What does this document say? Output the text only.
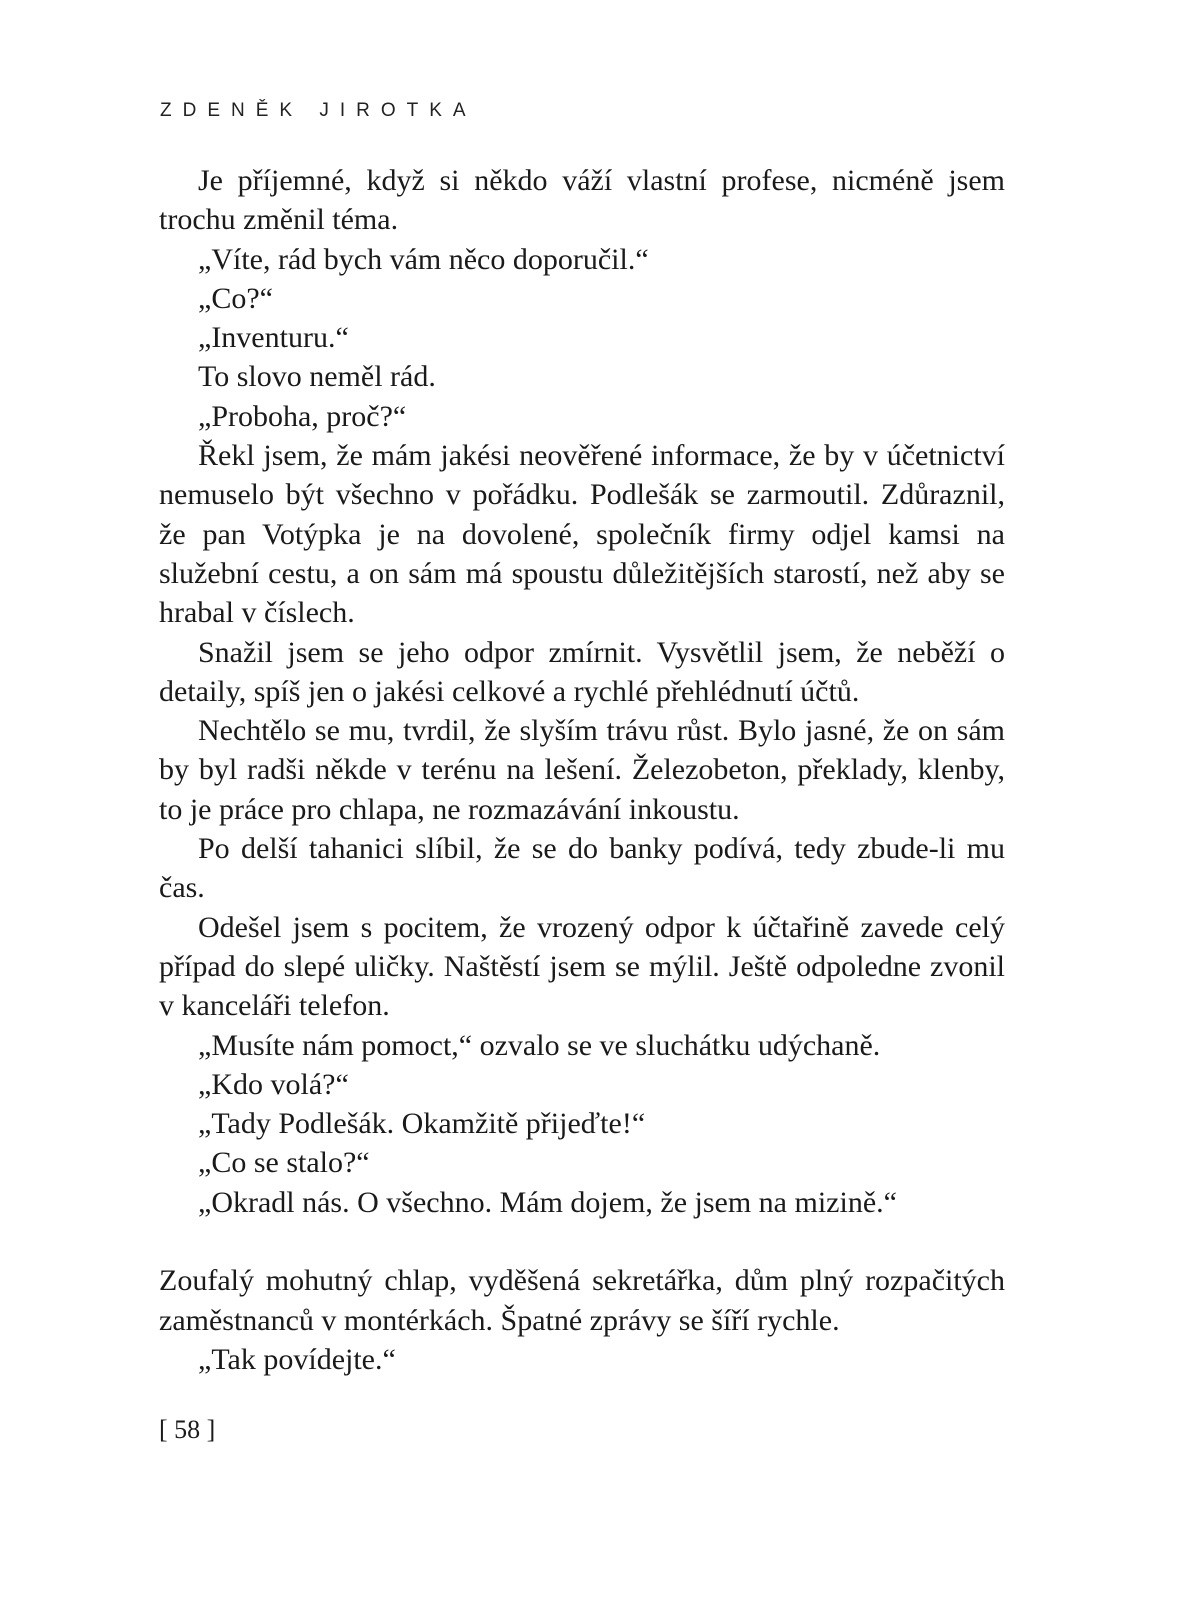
ZDENĚK JIROTKA

Je příjemné, když si někdo váží vlastní profese, nicméně jsem trochu změnil téma.

„Víte, rád bych vám něco doporučil.“

„Co?“

„Inventuru.“

To slovo neměl rád.

„Proboha, proč?“

Řekl jsem, že mám jakési neověřené informace, že by v účetnictví nemuselo být všechno v pořádku. Podlešák se zarmoutil. Zdůraznil, že pan Votýpka je na dovolené, společník firmy odjel kamsi na služební cestu, a on sám má spoustu důležitějších starostí, než aby se hrabal v číslech.

Snažil jsem se jeho odpor zmírnit. Vysvětlil jsem, že neběží o detaily, spíš jen o jakési celkové a rychlé přehlédnutí účtů.

Nechtělo se mu, tvrdil, že slyším trávu růst. Bylo jasné, že on sám by byl radši někde v terénu na lešení. Železobeton, překlady, klenby, to je práce pro chlapa, ne rozmazávání inkoustu.

Po delší tahanici slíbil, že se do banky podívá, tedy zbude-li mu čas.

Odešel jsem s pocitem, že vrozený odpor k účtařině zavede celý případ do slepé uličky. Naštěstí jsem se mýlil. Ještě odpoledne zvonil v kanceláři telefon.

„Musíte nám pomoct,“ ozvalo se ve sluchátku udýchaně.

„Kdo volá?“

„Tady Podlešák. Okamžitě přijeďte!“

„Co se stalo?“

„Okradl nás. O všechno. Mám dojem, že jsem na mizině.“

Zoufalý mohutný chlap, vyděšená sekretářka, dům plný rozpačitých zaměstnanců v montérkách. Špatné zprávy se šíří rychle.

„Tak povídejte.“

[ 58 ]
